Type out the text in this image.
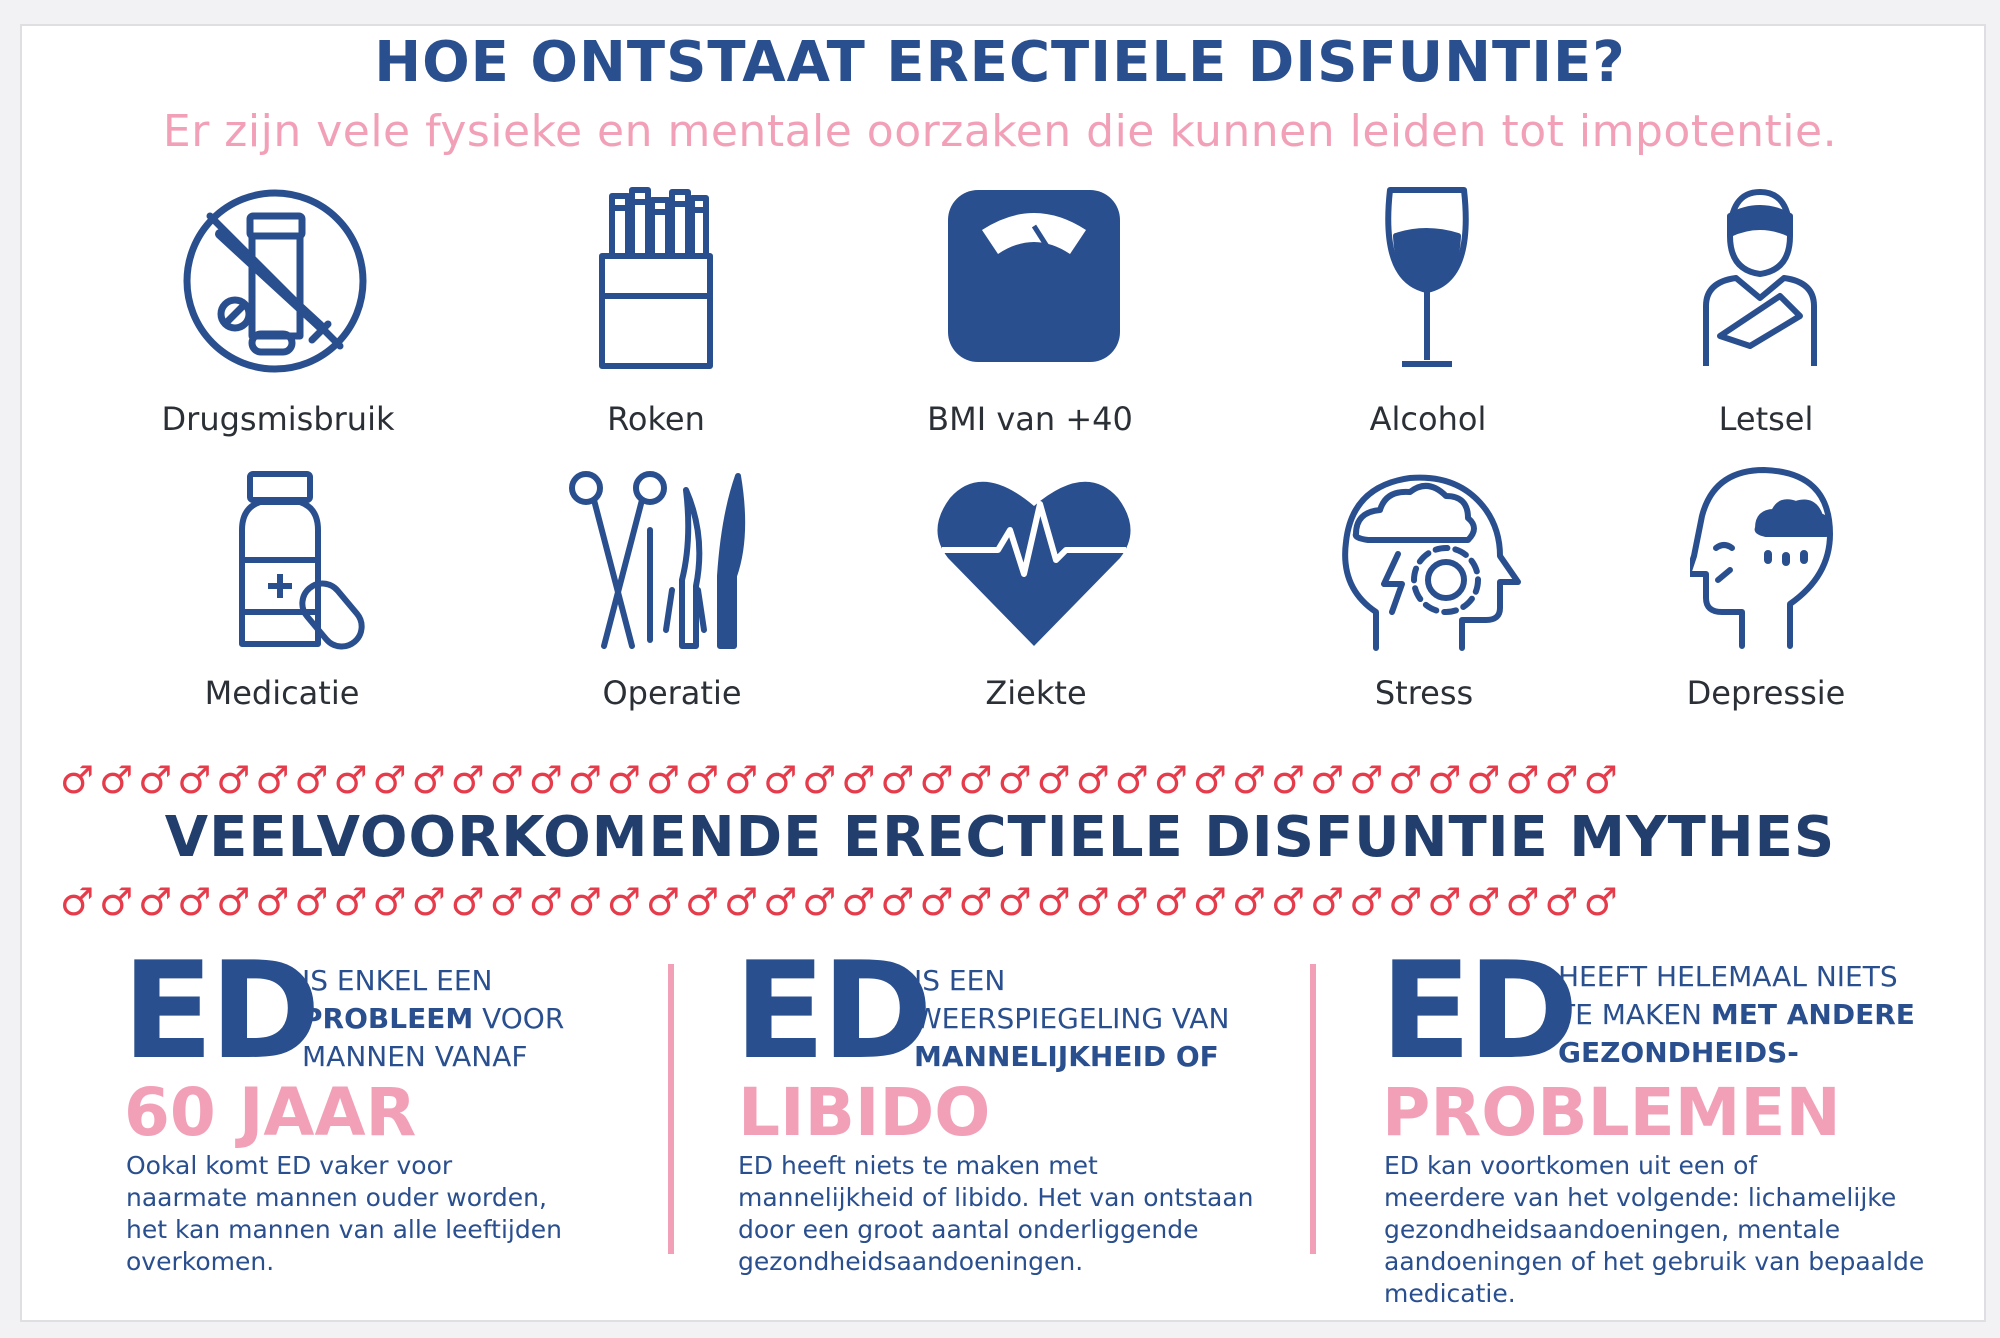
HOE ONTSTAAT ERECTIELE DISFUNTIE?
Er zijn vele fysieke en mentale oorzaken die kunnen leiden tot impotentie.
Drugsmisbruik	Roken	BMI van +40	Alcohol	Letsel
Medicatie	Operatie	Ziekte	Stress	Depressie
♂♂♂♂♂♂♂♂♂♂♂♂♂♂♂♂♂♂♂♂♂♂♂♂♂♂♂♂♂♂♂♂♂♂♂♂♂♂♂♂
VEELVOORKOMENDE ERECTIELE DISFUNTIE MYTHES
♂♂♂♂♂♂♂♂♂♂♂♂♂♂♂♂♂♂♂♂♂♂♂♂♂♂♂♂♂♂♂♂♂♂♂♂♂♂♂♂
ED
IS ENKEL EEN
PROBLEEM VOOR
MANNEN VANAF
60 JAAR
Ookal komt ED vaker voor
naarmate mannen ouder worden,
het kan mannen van alle leeftijden
overkomen.
ED
IS EEN
WEERSPIEGELING VAN
MANNELIJKHEID OF
LIBIDO
ED heeft niets te maken met
mannelijkheid of libido. Het van ontstaan
door een groot aantal onderliggende
gezondheidsaandoeningen.
ED
HEEFT HELEMAAL NIETS
TE MAKEN MET ANDERE
GEZONDHEIDS-
PROBLEMEN
ED kan voortkomen uit een of
meerdere van het volgende: lichamelijke
gezondheidsaandoeningen, mentale
aandoeningen of het gebruik van bepaalde
medicatie.
